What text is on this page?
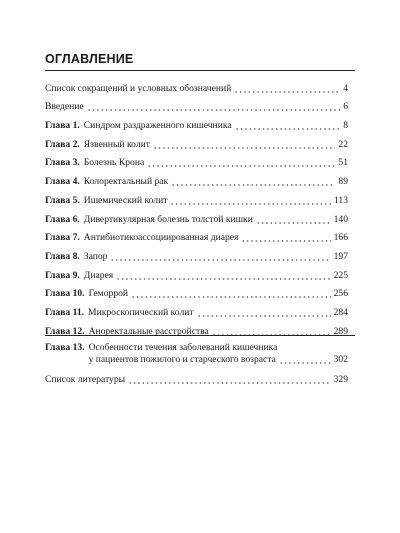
ОГЛАВЛЕНИЕ
Список сокращений и условных обозначений	4
Введение	6
Глава 1. Синдром раздраженного кишечника	8
Глава 2. Язвенный колит	22
Глава 3. Болезнь Крона	51
Глава 4. Колоректальный рак	89
Глава 5. Ишемический колит	113
Глава 6. Дивертикулярная болезнь толстой кишки	140
Глава 7. Антибиотикоассоциированная диарея	166
Глава 8. Запор	197
Глава 9. Диарея	225
Глава 10. Геморрой	256
Глава 11. Микроскопический колит	284
Глава 12. Аноректальные расстройства	289
Глава 13. Особенности течения заболеваний кишечника
у пациентов пожилого и старческого возраста	302
Список литературы	329
